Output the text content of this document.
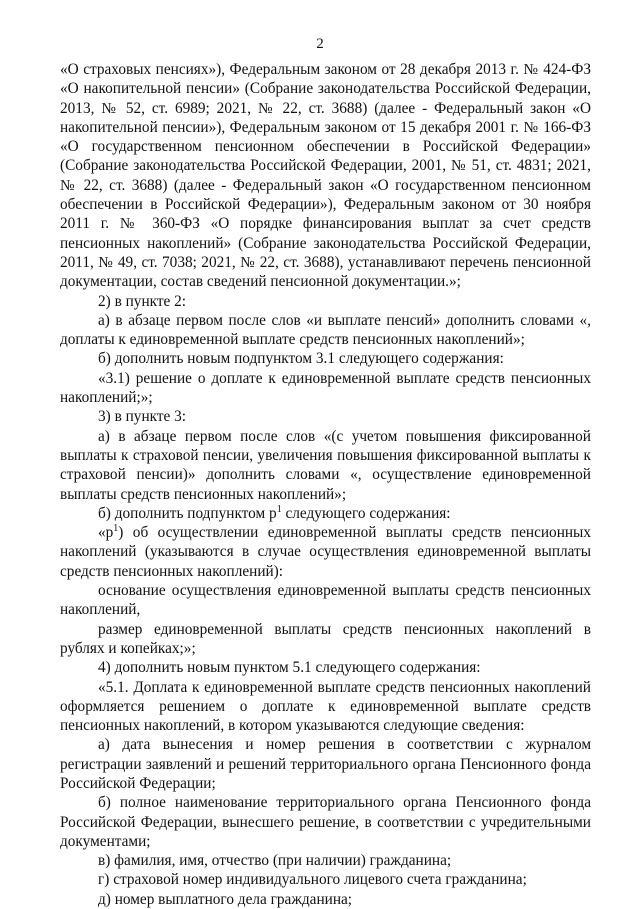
2

«О страховых пенсиях»), Федеральным законом от 28 декабря 2013 г. № 424-ФЗ «О накопительной пенсии» (Собрание законодательства Российской Федерации, 2013, № 52, ст. 6989; 2021, № 22, ст. 3688) (далее - Федеральный закон «О накопительной пенсии»), Федеральным законом от 15 декабря 2001 г. № 166-ФЗ «О государственном пенсионном обеспечении в Российской Федерации» (Собрание законодательства Российской Федерации, 2001, № 51, ст. 4831; 2021, № 22, ст. 3688) (далее - Федеральный закон «О государственном пенсионном обеспечении в Российской Федерации»), Федеральным законом от 30 ноября 2011 г. № 360-ФЗ «О порядке финансирования выплат за счет средств пенсионных накоплений» (Собрание законодательства Российской Федерации, 2011, № 49, ст. 7038; 2021, № 22, ст. 3688), устанавливают перечень пенсионной документации, состав сведений пенсионной документации.»;

2) в пункте 2:

а) в абзаце первом после слов «и выплате пенсий» дополнить словами «, доплаты к единовременной выплате средств пенсионных накоплений»;

б) дополнить новым подпунктом 3.1 следующего содержания:

«3.1) решение о доплате к единовременной выплате средств пенсионных накоплений;»;

3) в пункте 3:

а) в абзаце первом после слов «(с учетом повышения фиксированной выплаты к страховой пенсии, увеличения повышения фиксированной выплаты к страховой пенсии)» дополнить словами «, осуществление единовременной выплаты средств пенсионных накоплений»;

б) дополнить подпунктом $р^1$ следующего содержания:

«$р^1$) об осуществлении единовременной выплаты средств пенсионных накоплений (указываются в случае осуществления единовременной выплаты средств пенсионных накоплений):

основание осуществления единовременной выплаты средств пенсионных накоплений,

размер единовременной выплаты средств пенсионных накоплений в рублях и копейках;»;

4) дополнить новым пунктом 5.1 следующего содержания:

«5.1. Доплата к единовременной выплате средств пенсионных накоплений оформляется решением о доплате к единовременной выплате средств пенсионных накоплений, в котором указываются следующие сведения:

а) дата вынесения и номер решения в соответствии с журналом регистрации заявлений и решений территориального органа Пенсионного фонда Российской Федерации;

б) полное наименование территориального органа Пенсионного фонда Российской Федерации, вынесшего решение, в соответствии с учредительными документами;

в) фамилия, имя, отчество (при наличии) гражданина;

г) страховой номер индивидуального лицевого счета гражданина;

д) номер выплатного дела гражданина;
